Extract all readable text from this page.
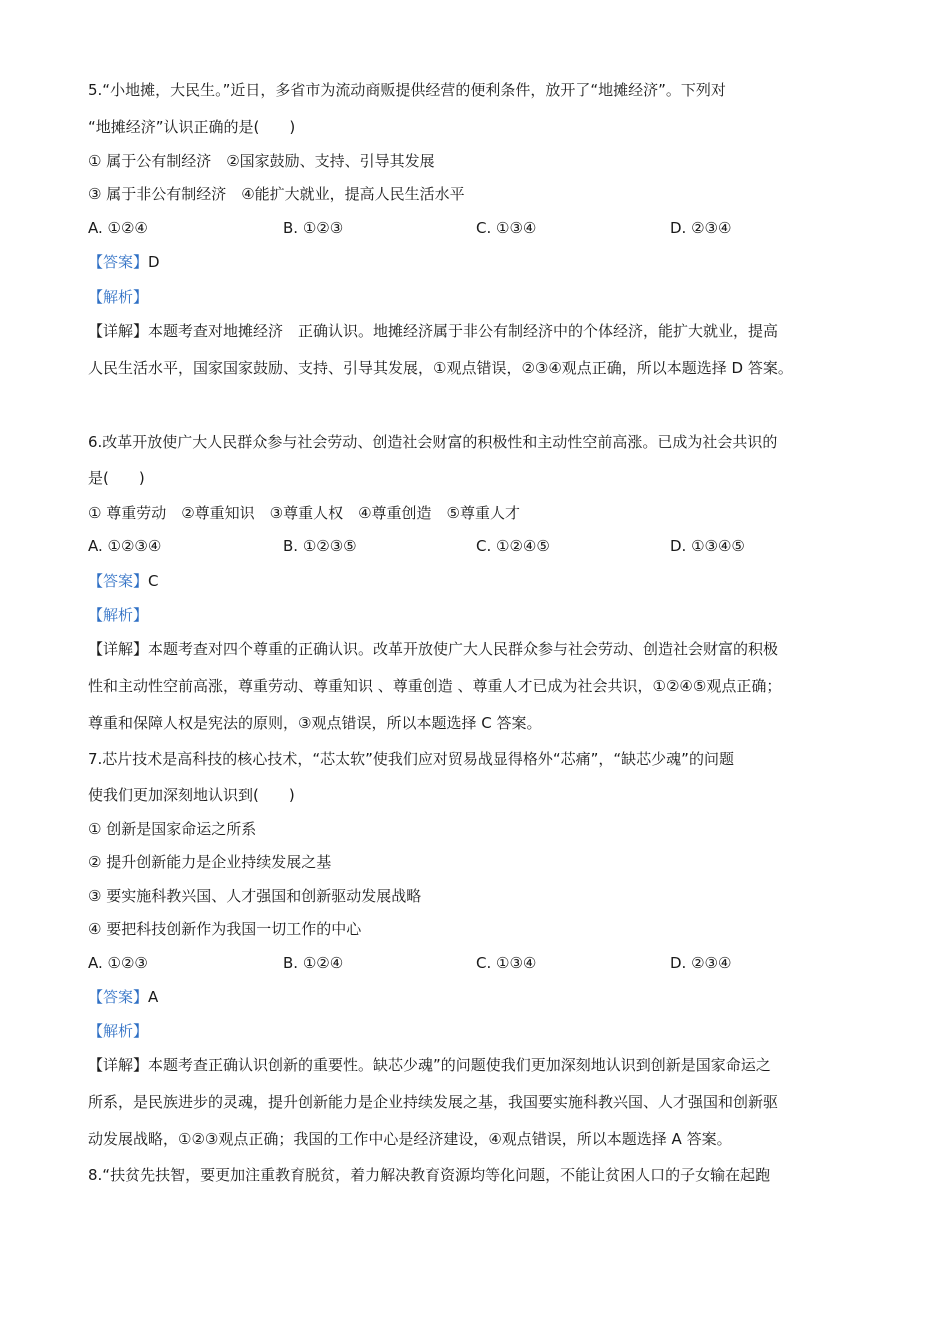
5.“小地摊，大民生。”近日，多省市为流动商贩提供经营的便利条件，放开了“地摊经济”。下列对
“地摊经济”认识正确的是(　　)
① 属于公有制经济　②国家鼓励、支持、引导其发展
③ 属于非公有制经济　④能扩大就业，提高人民生活水平
A. ①②④	B. ①②③	C. ①③④	D. ②③④
【答案】D
【解析】
【详解】本题考查对地摊经济　正确认识。地摊经济属于非公有制经济中的个体经济，能扩大就业，提高
人民生活水平，国家国家鼓励、支持、引导其发展，①观点错误，②③④观点正确，所以本题选择 D 答案。
6.改革开放使广大人民群众参与社会劳动、创造社会财富的积极性和主动性空前高涨。已成为社会共识的
是(　　)
① 尊重劳动　②尊重知识　③尊重人权　④尊重创造　⑤尊重人才
A. ①②③④	B. ①②③⑤	C. ①②④⑤	D. ①③④⑤
【答案】C
【解析】
【详解】本题考查对四个尊重的正确认识。改革开放使广大人民群众参与社会劳动、创造社会财富的积极
性和主动性空前高涨，尊重劳动、尊重知识 、尊重创造 、尊重人才已成为社会共识，①②④⑤观点正确；
尊重和保障人权是宪法的原则，③观点错误，所以本题选择 C 答案。
7.芯片技术是高科技的核心技术，“芯太软”使我们应对贸易战显得格外“芯痛”，“缺芯少魂”的问题
使我们更加深刻地认识到(　　)
① 创新是国家命运之所系
② 提升创新能力是企业持续发展之基
③ 要实施科教兴国、人才强国和创新驱动发展战略
④ 要把科技创新作为我国一切工作的中心
A. ①②③	B. ①②④	C. ①③④	D. ②③④
【答案】A
【解析】
【详解】本题考查正确认识创新的重要性。缺芯少魂”的问题使我们更加深刻地认识到创新是国家命运之
所系，是民族进步的灵魂，提升创新能力是企业持续发展之基，我国要实施科教兴国、人才强国和创新驱
动发展战略，①②③观点正确；我国的工作中心是经济建设，④观点错误，所以本题选择 A 答案。
8.“扶贫先扶智，要更加注重教育脱贫，着力解决教育资源均等化问题，不能让贫困人口的子女输在起跑
